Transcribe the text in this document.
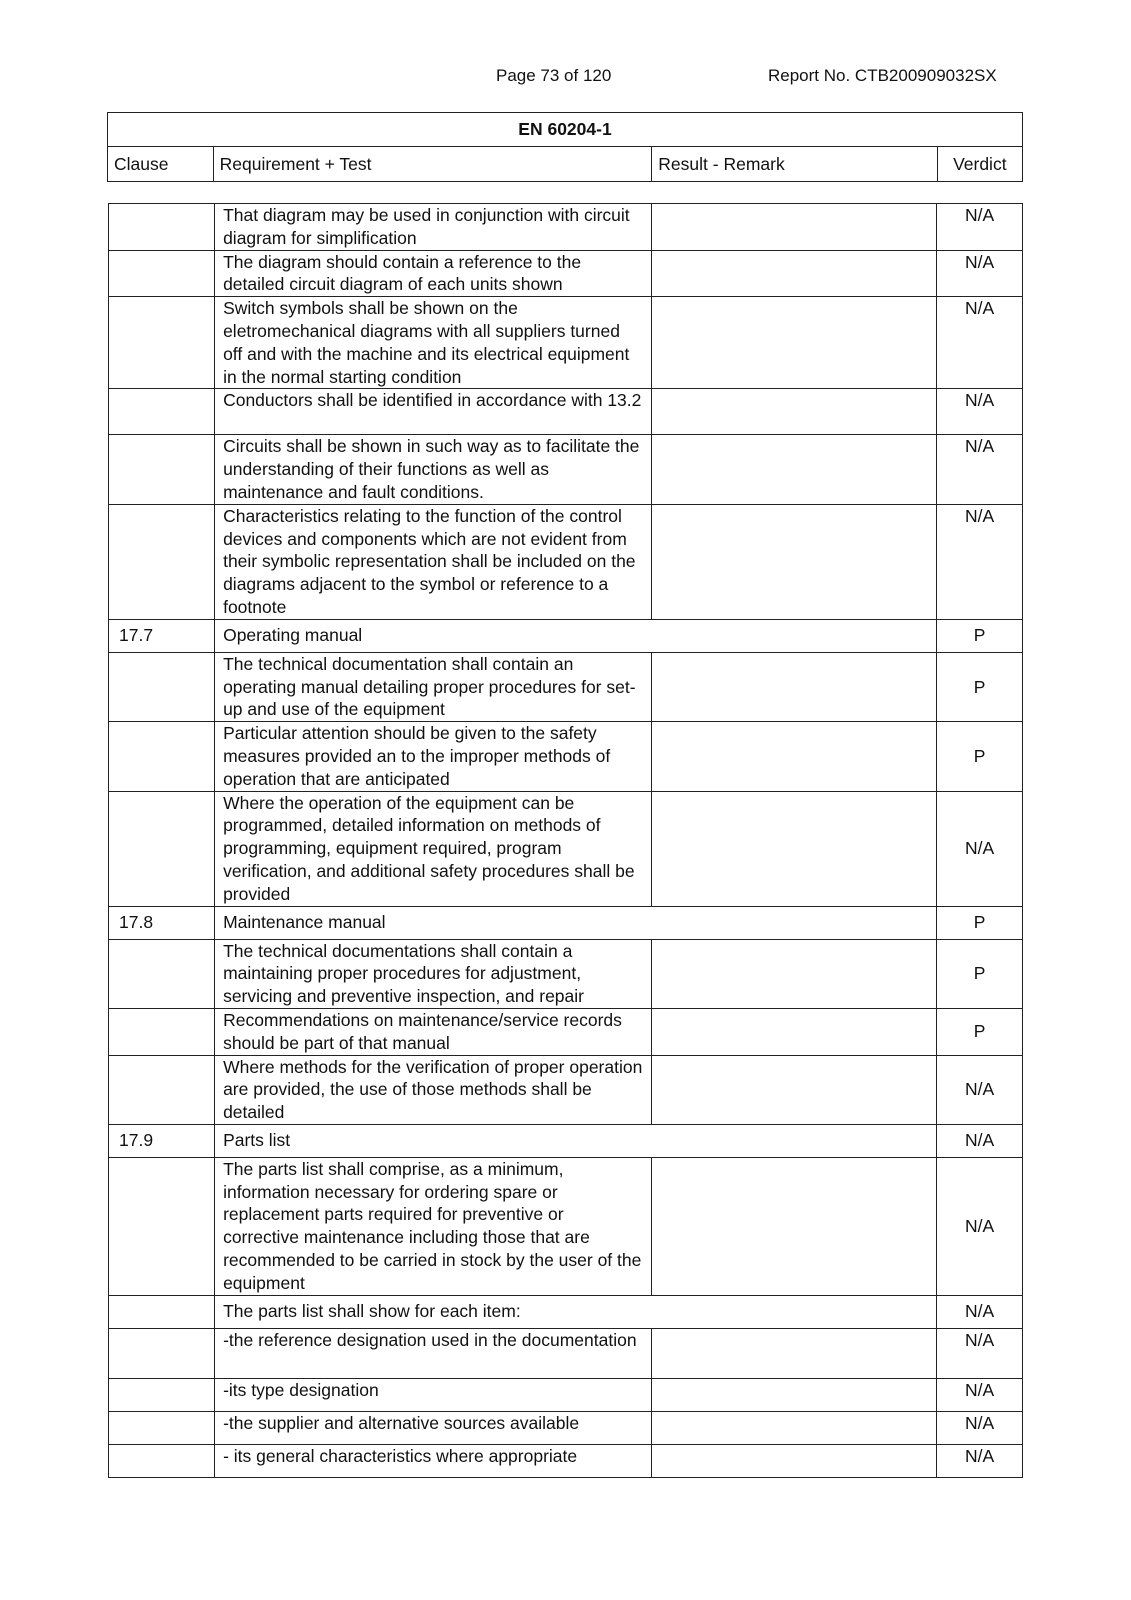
Page 73 of 120	Report No. CTB200909032SX
EN 60204-1
Clause	Requirement + Test	Result - Remark	Verdict
	That diagram may be used in conjunction with circuit diagram for simplification		N/A
	The diagram should contain a reference to the detailed circuit diagram of each units shown		N/A
	Switch symbols shall be shown on the eletromechanical diagrams with all suppliers turned off and with the machine and its electrical equipment in the normal starting condition		N/A
	Conductors shall be identified in accordance with 13.2		N/A
	Circuits shall be shown in such way as to facilitate the understanding of their functions as well as maintenance and fault conditions.		N/A
	Characteristics relating to the function of the control devices and components which are not evident from their symbolic representation shall be included on the diagrams adjacent to the symbol or reference to a footnote		N/A
17.7	Operating manual		P
	The technical documentation shall contain an operating manual detailing proper procedures for set-up and use of the equipment		P
	Particular attention should be given to the safety measures provided an to the improper methods of operation that are anticipated		P
	Where the operation of the equipment can be programmed, detailed information on methods of programming, equipment required, program verification, and additional safety procedures shall be provided		N/A
17.8	Maintenance manual		P
	The technical documentations shall contain a maintaining proper procedures for adjustment, servicing and preventive inspection, and repair		P
	Recommendations on maintenance/service records should be part of that manual		P
	Where methods for the verification of proper operation are provided, the use of those methods shall be detailed		N/A
17.9	Parts list		N/A
	The parts list shall comprise, as a minimum, information necessary for ordering spare or replacement parts required for preventive or corrective maintenance including those that are recommended to be carried in stock by the user of the equipment		N/A
	The parts list shall show for each item:		N/A
	-the reference designation used in the documentation		N/A
	-its type designation		N/A
	-the supplier and alternative sources available		N/A
	- its general characteristics where appropriate		N/A
